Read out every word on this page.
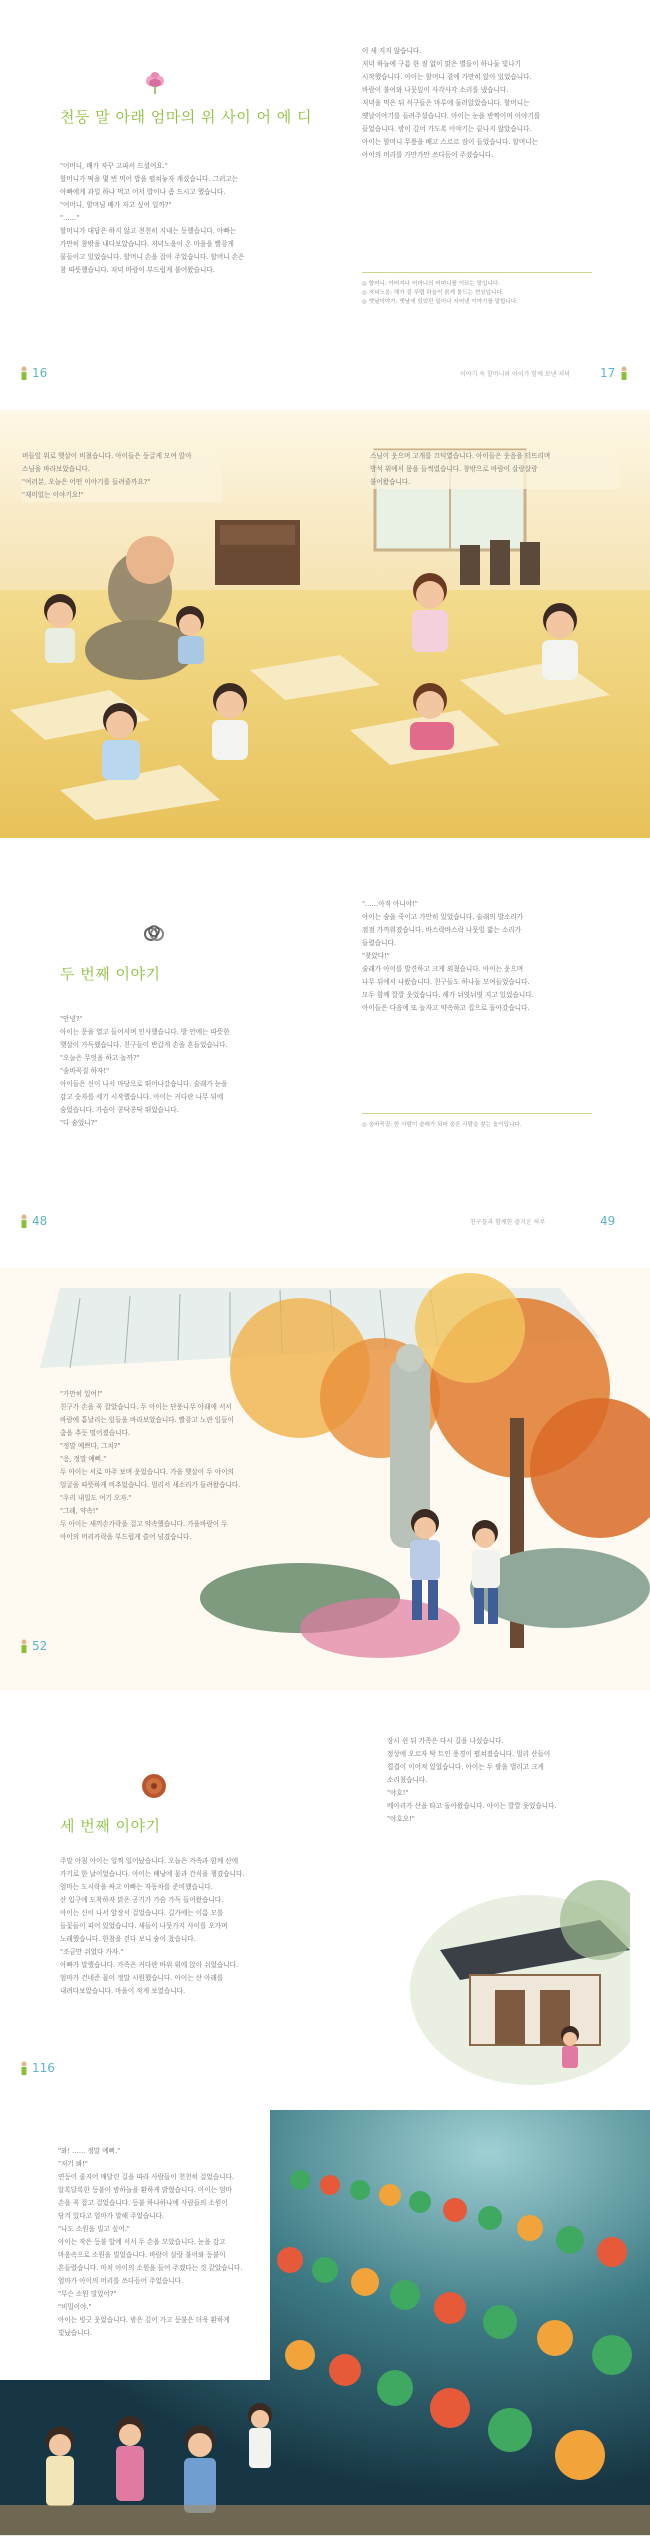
천둥 말 아래 엄마의 위 사이 어 에 디

"어머니, 배가 자꾸 고파서 드셨어요."

할머니가 떡을 몇 번 먹어 밥을 펼쳐놓자 계셨습니다. 그러고는

아빠에게 과일 하나 먹고 어서 밥이나 좀 드시고 했습니다.

"어머니, 할머님 배가 자고 싶어 일까?"

"……"

할머니가 대답은 하지 않고 천천히 지내는 듯했습니다. 아빠는

가만히 창밖을 내다보았습니다. 저녁노을이 온 마을을 빨갛게

물들이고 있었습니다. 할머니 손을 잡아 주었습니다. 할머니 손은

참 따뜻했습니다. 저녁 바람이 부드럽게 불어왔습니다.

16

이 새 지지 않습니다.

저녁 하늘에 구름 한 점 없이 맑은 별들이 하나둘 빛나기

시작했습니다. 아이는 할머니 곁에 가만히 앉아 있었습니다.

바람이 불어와 나뭇잎이 사각사각 소리를 냈습니다.

저녁을 먹은 뒤 식구들은 마루에 둘러앉았습니다. 할머니는

옛날이야기를 들려주셨습니다. 아이는 눈을 반짝이며 이야기를

들었습니다. 밤이 깊어 가도록 이야기는 끝나지 않았습니다.

아이는 할머니 무릎을 베고 스르르 잠이 들었습니다. 할머니는

아이의 머리를 가만가만 쓰다듬어 주셨습니다.

◎ 할머니: 아버지나 어머니의 어머니를 이르는 말입니다.
◎ 저녁노을: 해가 질 무렵 하늘이 붉게 물드는 현상입니다.
◎ 옛날이야기: 옛날에 있었던 일이나 지어낸 이야기를 말합니다.
이야기 속 할머니와 아이가 함께 보낸 저녁	17

버들잎 위로 햇살이 비쳤습니다. 아이들은 둥글게 모여 앉아

스님을 바라보았습니다.

"여러분, 오늘은 어떤 이야기를 들려줄까요?"

"재미있는 이야기요!"

스님이 웃으며 고개를 끄덕였습니다. 아이들은 웃음을 터뜨리며

방석 위에서 몸을 들썩였습니다. 창밖으로 바람이 살랑살랑

불어왔습니다.

두 번째 이야기

"안녕?"

아이는 문을 열고 들어서며 인사했습니다. 방 안에는 따뜻한

햇살이 가득했습니다. 친구들이 반갑게 손을 흔들었습니다.

"오늘은 무엇을 하고 놀까?"

"숨바꼭질 하자!"

아이들은 신이 나서 마당으로 뛰어나갔습니다. 술래가 눈을

감고 숫자를 세기 시작했습니다. 아이는 커다란 나무 뒤에

숨었습니다. 가슴이 콩닥콩닥 뛰었습니다.

"다 숨었니?"

48

"……아직 아니야!"

아이는 숨을 죽이고 가만히 있었습니다. 술래의 발소리가

점점 가까워졌습니다. 바스락바스락 나뭇잎 밟는 소리가

들렸습니다.

"찾았다!"

술래가 아이를 발견하고 크게 외쳤습니다. 아이는 웃으며

나무 뒤에서 나왔습니다. 친구들도 하나둘 모여들었습니다.

모두 함께 깔깔 웃었습니다. 해가 뉘엿뉘엿 지고 있었습니다.

아이들은 다음에 또 놀자고 약속하고 집으로 돌아갔습니다.

◎ 숨바꼭질: 한 사람이 술래가 되어 숨은 사람을 찾는 놀이입니다.
친구들과 함께한 즐거운 하루	49

"가만히 있어!"

친구가 손을 꼭 잡았습니다. 두 아이는 단풍나무 아래에 서서

바람에 흩날리는 잎들을 바라보았습니다. 빨갛고 노란 잎들이

춤을 추듯 떨어졌습니다.

"정말 예쁘다, 그치?"

"응, 정말 예뻐."

두 아이는 서로 마주 보며 웃었습니다. 가을 햇살이 두 아이의

얼굴을 따뜻하게 비추었습니다. 멀리서 새소리가 들려왔습니다.

"우리 내일도 여기 오자."

"그래, 약속!"

두 아이는 새끼손가락을 걸고 약속했습니다. 가을바람이 두

아이의 머리카락을 부드럽게 쓸어 넘겼습니다.

52
세 번째 이야기

주말 아침 아이는 일찍 일어났습니다. 오늘은 가족과 함께 산에

가기로 한 날이었습니다. 아이는 배낭에 물과 간식을 챙겼습니다.

엄마는 도시락을 싸고 아빠는 자동차를 준비했습니다.

산 입구에 도착하자 맑은 공기가 가슴 가득 들어왔습니다.

아이는 신이 나서 앞장서 걸었습니다. 길가에는 이름 모를

들꽃들이 피어 있었습니다. 새들이 나뭇가지 사이를 오가며

노래했습니다. 한참을 걷다 보니 숨이 찼습니다.

"조금만 쉬었다 가자."

아빠가 말했습니다. 가족은 커다란 바위 위에 앉아 쉬었습니다.

엄마가 건네준 물이 정말 시원했습니다. 아이는 산 아래를

내려다보았습니다. 마을이 작게 보였습니다.

116

잠시 쉰 뒤 가족은 다시 길을 나섰습니다.

정상에 오르자 탁 트인 풍경이 펼쳐졌습니다. 멀리 산들이

겹겹이 이어져 있었습니다. 아이는 두 팔을 벌리고 크게

소리쳤습니다.

"야호!"

메아리가 산을 타고 돌아왔습니다. 아이는 깔깔 웃었습니다.

"야호오!"

"와! …… 정말 예뻐."

"저기 봐!"

연등이 줄지어 매달린 길을 따라 사람들이 천천히 걸었습니다.

알록달록한 등불이 밤하늘을 환하게 밝혔습니다. 아이는 엄마

손을 꼭 잡고 걸었습니다. 등불 하나하나에 사람들의 소원이

담겨 있다고 엄마가 말해 주었습니다.

"나도 소원을 빌고 싶어."

아이는 작은 등불 앞에 서서 두 손을 모았습니다. 눈을 감고

마음속으로 소원을 빌었습니다. 바람이 살랑 불어와 등불이

흔들렸습니다. 마치 아이의 소원을 들어 주겠다는 것 같았습니다.

엄마가 아이의 머리를 쓰다듬어 주었습니다.

"무슨 소원 빌었어?"

"비밀이야."

아이는 빙긋 웃었습니다. 밤은 깊어 가고 등불은 더욱 환하게

빛났습니다.
